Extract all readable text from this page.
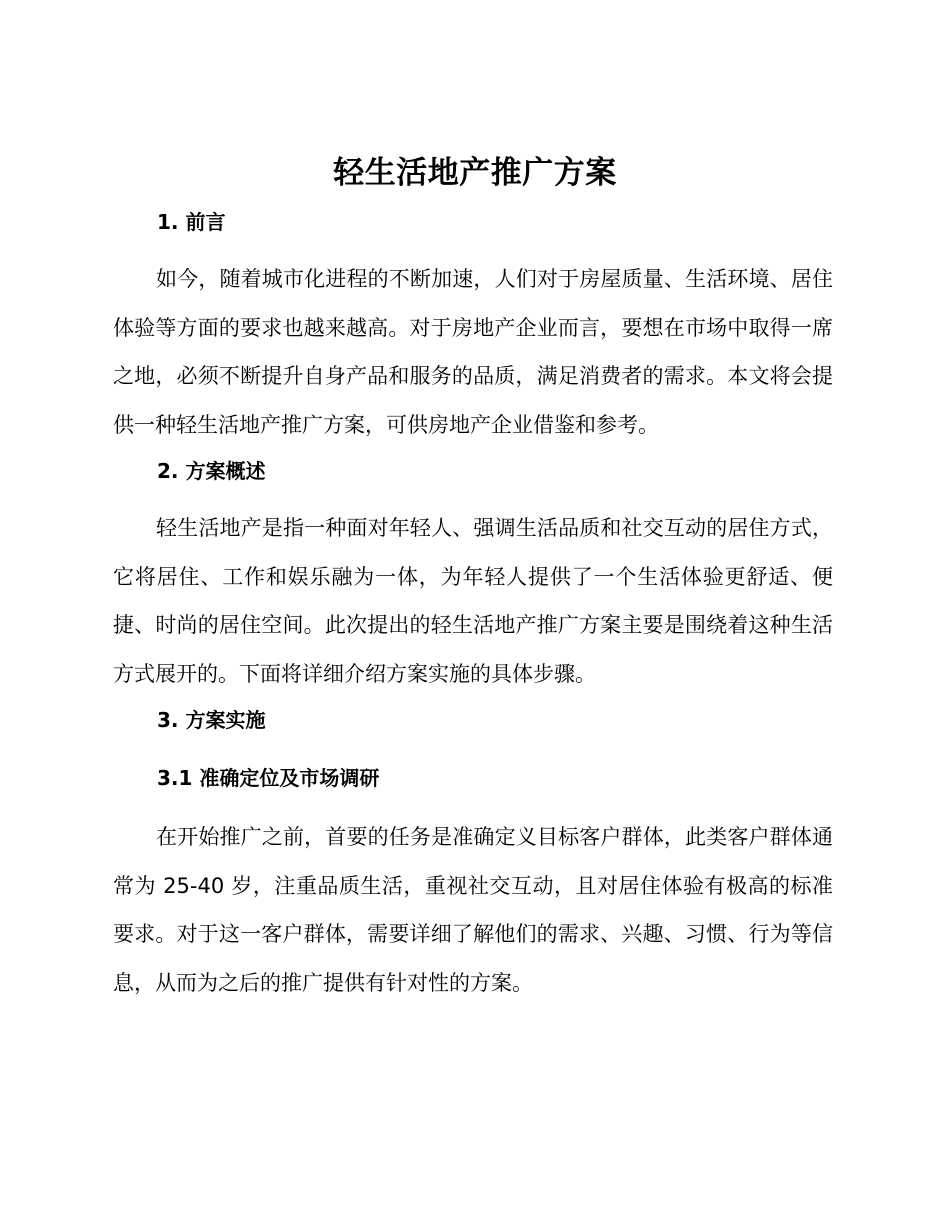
轻生活地产推广方案
1. 前言

如今，随着城市化进程的不断加速，人们对于房屋质量、生活环境、居住体验等方面的要求也越来越高。对于房地产企业而言，要想在市场中取得一席之地，必须不断提升自身产品和服务的品质，满足消费者的需求。本文将会提供一种轻生活地产推广方案，可供房地产企业借鉴和参考。

2. 方案概述

轻生活地产是指一种面对年轻人、强调生活品质和社交互动的居住方式，它将居住、工作和娱乐融为一体，为年轻人提供了一个生活体验更舒适、便捷、时尚的居住空间。此次提出的轻生活地产推广方案主要是围绕着这种生活方式展开的。下面将详细介绍方案实施的具体步骤。

3. 方案实施
3.1 准确定位及市场调研

在开始推广之前，首要的任务是准确定义目标客户群体，此类客户群体通常为 25-40 岁，注重品质生活，重视社交互动，且对居住体验有极高的标准要求。对于这一客户群体，需要详细了解他们的需求、兴趣、习惯、行为等信息，从而为之后的推广提供有针对性的方案。
